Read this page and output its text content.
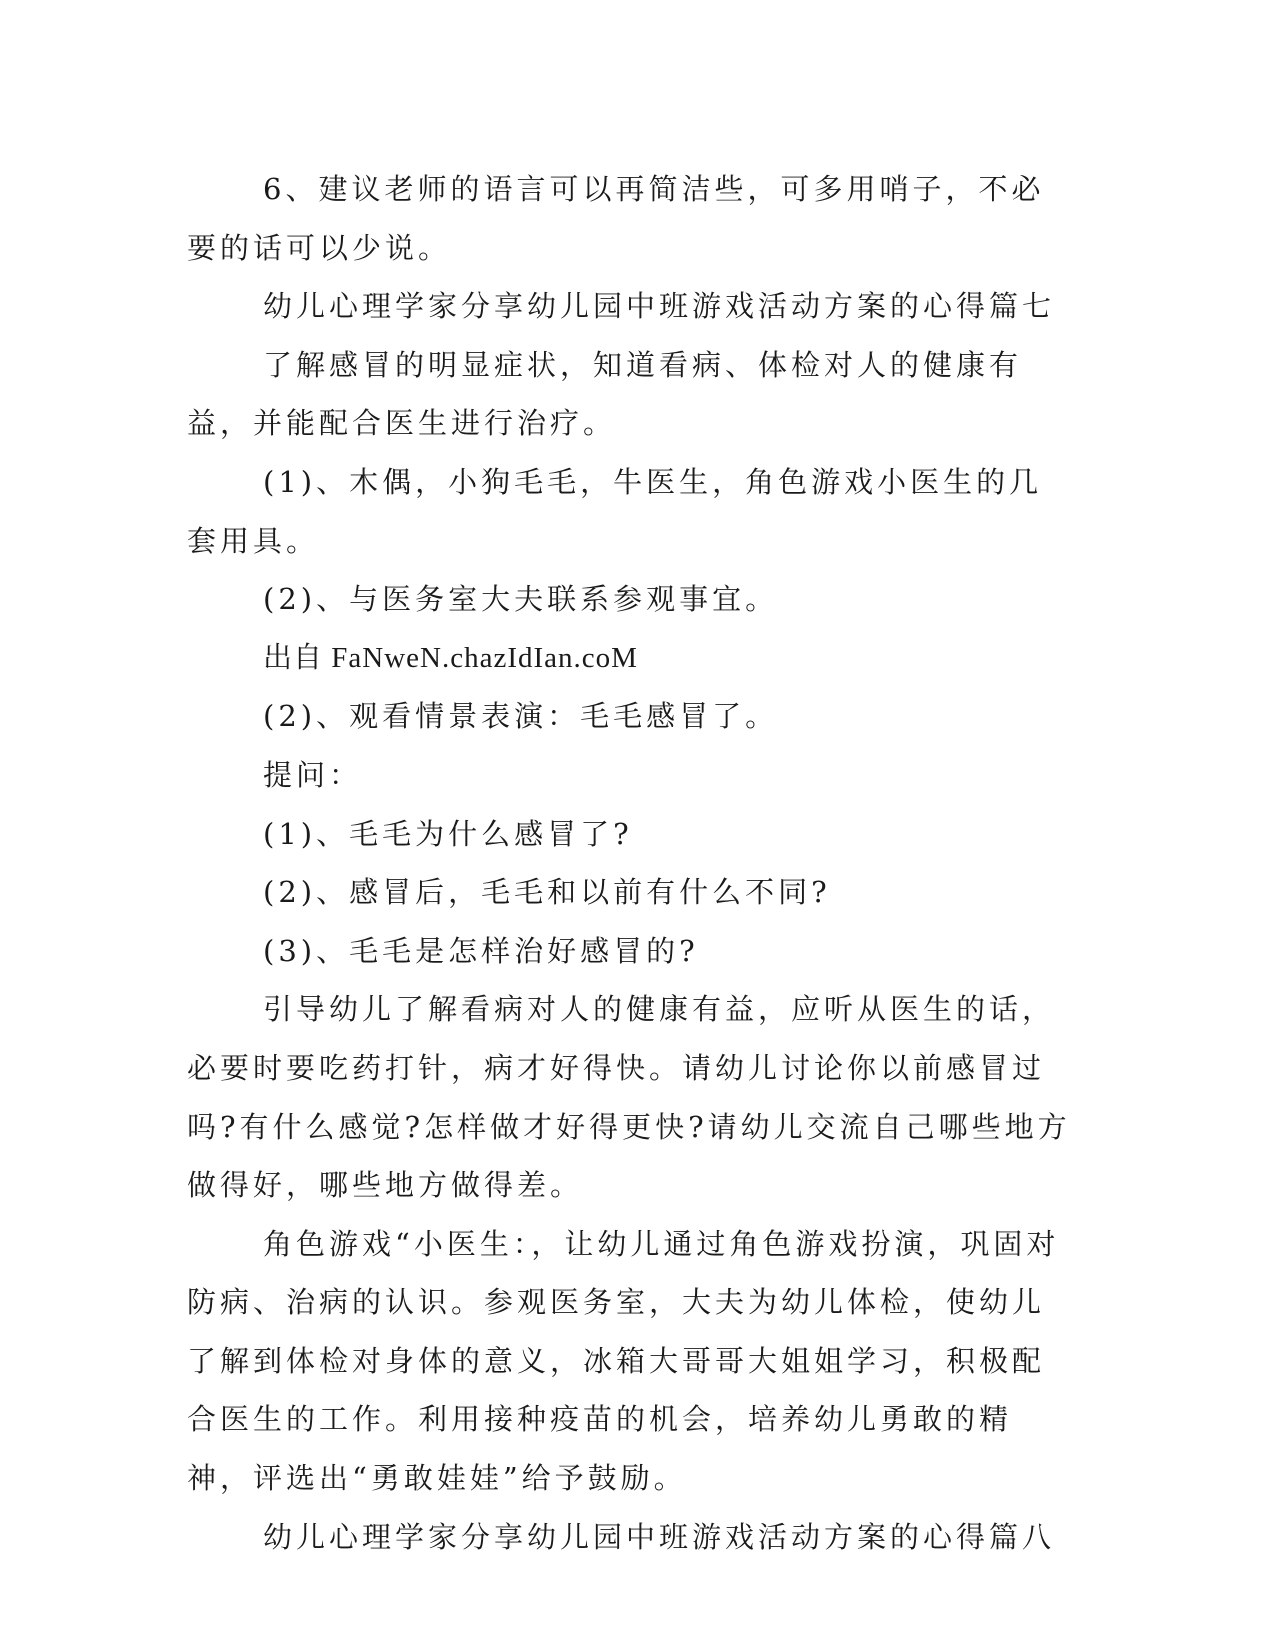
6、建议老师的语言可以再简洁些，可多用哨子，不必要的话可以少说。

幼儿心理学家分享幼儿园中班游戏活动方案的心得篇七

了解感冒的明显症状，知道看病、体检对人的健康有益，并能配合医生进行治疗。

(1)、木偶，小狗毛毛，牛医生，角色游戏小医生的几套用具。

(2)、与医务室大夫联系参观事宜。

出自 FaNweN.chazIdIan.coM

(2)、观看情景表演：毛毛感冒了。

提问：

(1)、毛毛为什么感冒了?

(2)、感冒后，毛毛和以前有什么不同?

(3)、毛毛是怎样治好感冒的?

引导幼儿了解看病对人的健康有益，应听从医生的话，必要时要吃药打针，病才好得快。请幼儿讨论你以前感冒过吗?有什么感觉?怎样做才好得更快?请幼儿交流自己哪些地方做得好，哪些地方做得差。

角色游戏“小医生：，让幼儿通过角色游戏扮演，巩固对防病、治病的认识。参观医务室，大夫为幼儿体检，使幼儿了解到体检对身体的意义，冰箱大哥哥大姐姐学习，积极配合医生的工作。利用接种疫苗的机会，培养幼儿勇敢的精神，评选出“勇敢娃娃”给予鼓励。

幼儿心理学家分享幼儿园中班游戏活动方案的心得篇八
